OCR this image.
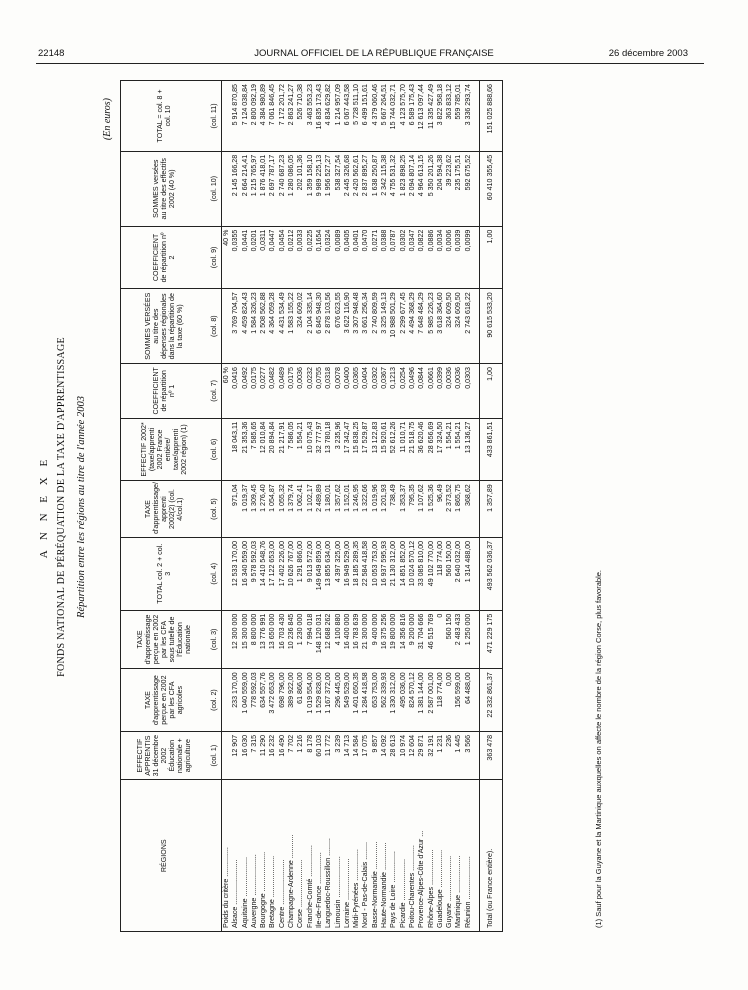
22148	JOURNAL OFFICIEL DE LA RÉPUBLIQUE FRANÇAISE	26 décembre 2003
A N N E X E FONDS NATIONAL DE PÉRÉQUATION DE LA TAXE D'APPRENTISSAGE Répartition entre les régions au titre de l'année 2003
(En euros)
RÉGIONS	EFFECTIF APPRENTIS 31 décembre 2002 Éducation nationale + agriculture	TAXE d'apprentissage perçue en 2002 par les CFA agricoles	TAXE d'apprentissage perçue en 2002 par les CFA sous tutelle de l'Éducation nationale	TOTAL col. 2 + col. 3	TAXE d'apprentissage/ apprenti 2002(2) (col. 4/col.1)	EFFECTIF 2002* (taxe/apprenti 2002 France entière/ taxe/apprenti 2002 région) (1)	COEFFICIENT de répartition nº 1	SOMMES VERSÉES au titre des dépenses régionales dans la répartition de la taxe (60 %)	COEFFICIENT de répartition nº 2	SOMMES versées au titre des effectifs 2002 (40 %)	TOTAL = col. 8 + col. 10
	(col. 1)	(col. 2)	(col. 3)	(col. 4)	(col. 5)	(col. 6)	(col. 7)	(col. 8)	(col. 9)	(col. 10)	(col. 11)
Poids du critère ...............							60 %		40 %		
Alsace .......................	12 907	233 170,00	12 300 000	12 533 170,00	971,04	18 043,11	0,0416	3 769 704,57	0,0355	2 145 166,28	5 914 870,85
Aquitaine ....................	16 030	1 040 559,00	15 300 000	16 340 559,00	1 019,37	21 353,36	0,0492	4 459 824,43	0,0441	2 664 214,41	7 124 038,84
Auvergne .....................	7 315	778 592,03	8 800 000	9 578 592,03	1 309,45	7 585,65	0,0175	1 584 326,23	0,0201	1 215 765,97	2 800 092,19
Bourgogne ....................	11 290	634 557,76	13 776 991	14 410 548,76	1 276,40	12 010,84	0,0277	2 508 562,88	0,0311	1 876 418,01	4 384 980,89
Bretagne .....................	16 232	3 472 653,00	13 650 000	17 122 653,00	1 054,87	20 894,84	0,0482	4 364 059,28	0,0447	2 697 787,17	7 061 846,45
Centre .......................	16 490	698 796,00	16 703 430	17 402 226,00	1 055,32	21 217,91	0,0489	4 431 534,49	0,0454	2 740 687,23	7 172 201,72
Champagne-Ardenne ............	7 702	389 922,00	10 236 845	10 626 767,00	1 379,74	7 586,05	0,0175	1 583 155,22	0,0212	1 280 086,05	2 863 241,27
Corse ........................	1 216	61 866,00	1 230 000	1 291 866,00	1 062,41	1 554,21	0,0036	324 609,02	0,0033	202 101,36	526 710,38
Franche-Comté ................	8 178	1 019 554,00	7 994 018	9 013 572,00	1 102,17	10 075,43	0,0232	2 104 335,14	0,0225	1 359 158,10	3 463 553,23
Ile-de-France ................	60 103	1 529 828,00	148 120 031	149 649 859,00	2 489,89	32 777,97	0,0755	6 845 948,30	0,1654	9 989 225,13	16 835 173,43
Languedoc-Roussillon .........	11 772	1 167 372,00	12 688 262	13 855 634,00	1 180,01	13 780,18	0,0318	2 878 103,56	0,0324	1 956 527,27	4 834 629,82
Limousin .....................	3 239	296 445,00	4 100 880	4 397 325,00	1 357,62	3 235,96	0,0078	676 623,55	0,0089	538 327,54	1 214 957,09
Lorraine .....................	14 713	549 529,00	16 400 000	16 949 529,00	1 152,01	17 342,47	0,0400	3 622 116,90	0,0405	2 445 326,68	6 067 443,58
Midi-Pyrénées ................	14 584	1 401 650,35	16 783 639	18 185 289,35	1 246,95	15 838,25	0,0365	3 307 948,48	0,0401	2 420 562,61	5 728 511,10
Nord - Pas-de-Calais .........	17 075	1 284 418,58	21 300 000	22 584 418,58	1 322,66	17 529,87	0,0404	3 661 256,34	0,0470	2 837 895,27	6 499 151,61
Basse-Normandie ..............	9 857	653 753,00	9 400 000	10 053 753,00	1 019,96	13 122,83	0,0302	2 740 809,59	0,0271	1 638 250,87	4 379 060,46
Haute-Normandie ..............	14 092	562 339,93	16 375 256	16 937 595,93	1 201,93	15 920,61	0,0367	3 325 149,13	0,0388	2 342 115,38	5 667 264,51
Pays de Loire ................	28 613	1 330 312,00	19 800 000	21 130 312,00	738,49	52 612,26	0,1213	10 988 501,29	0,0787	4 755 531,32	15 744 032,71
Picardie .....................	10 974	495 036,00	14 356 816	14 851 852,00	1 353,37	11 010,71	0,0254	2 299 677,45	0,0302	1 823 898,25	4 123 575,70
Poitou-Charentes .............	12 604	824 570,12	9 200 000	10 024 570,12	795,35	21 518,75	0,0496	4 494 368,29	0,0347	2 094 807,14	6 589 175,43
Provence-Alpes-Côte d'Azur ...	29 871	1 381 144,00	31 704 666	33 085 810,00	1 107,62	36 620,46	0,0844	7 648 484,29	0,0822	4 964 613,15	12 613 097,44
Rhône-Alpes ..................	32 191	2 587 001,00	46 515 769	49 102 770,00	1 525,36	28 656,69	0,0661	5 985 226,23	0,0886	5 350 201,26	11 335 427,49
Guadeloupe ...................	1 231	118 774,00	0	118 774,00	96,49	17 324,50	0,0399	3 618 364,60	0,0034	204 594,38	3 822 958,18
Guyane .......................	236	0,00	560 150	560 150,00	2 373,52	1 554,21	0,0036	324 609,50	0,0006	39 223,62	363 833,12
Martinique ...................	1 445	156 599,00	2 483 433	2 640 032,00	1 865,75	1 554,21	0,0036	324 609,50	0,0039	235 175,51	559 785,01
Réunion ......................	3 566	64 488,00	1 250 000	1 314 488,00	368,62	13 136,27	0,0303	2 743 618,22	0,0099	592 675,52	3 336 293,74

Total (ou France entière).	363 478	22 332 861,37	471 229 175	493 562 036,37	1 357,89	433 861,51	1,00	90 615 533,20	1,00	60 410 355,45	151 025 888,66
(1) Sauf pour la Guyane et la Martinique auxquelles on affecte le nombre de la région Corse, plus favorable.
